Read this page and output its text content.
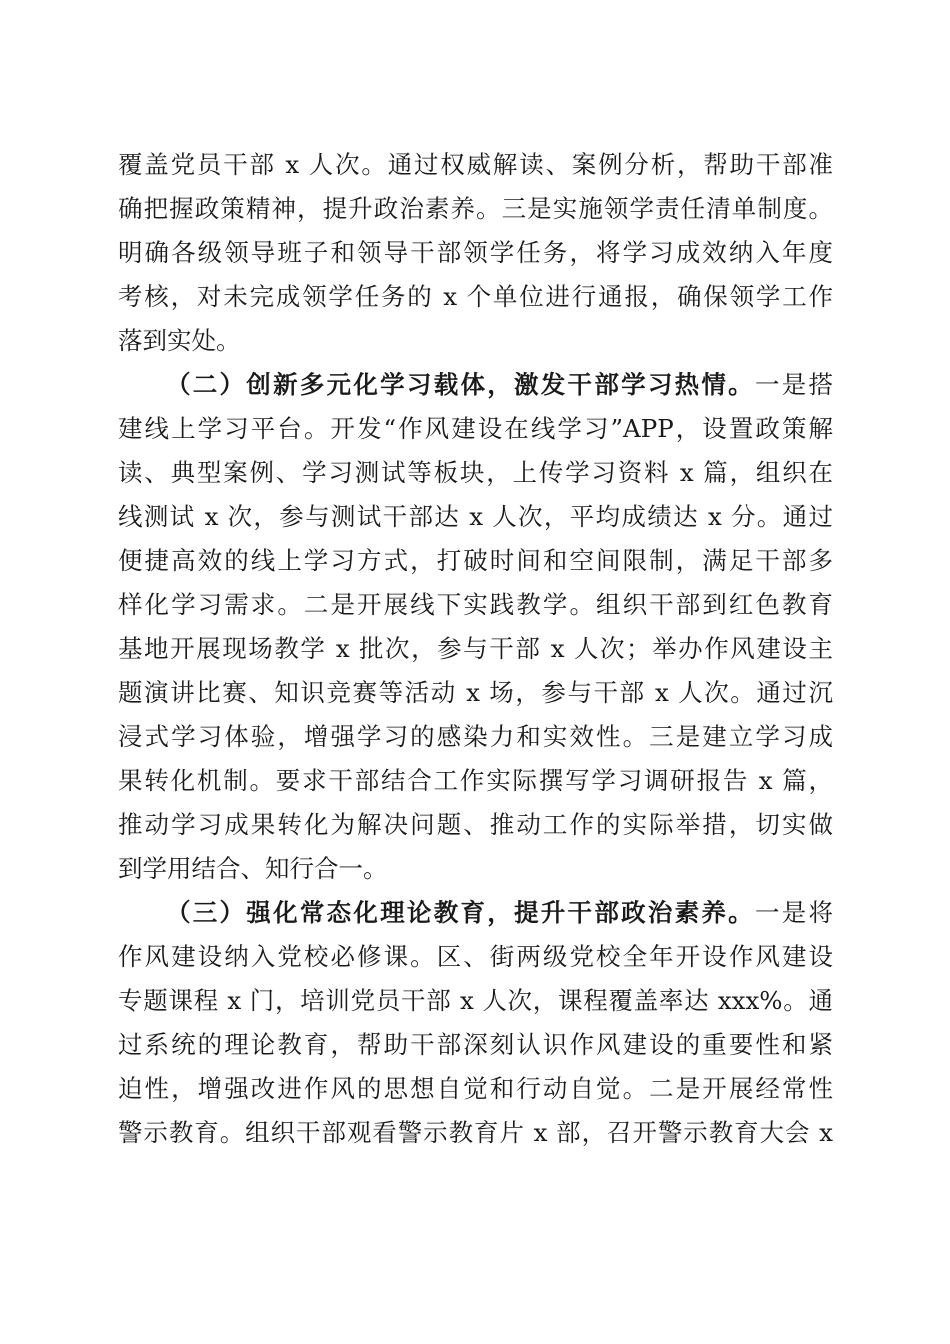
覆盖党员干部 x 人次。通过权威解读、案例分析，帮助干部准
确把握政策精神，提升政治素养。三是实施领学责任清单制度。
明确各级领导班子和领导干部领学任务，将学习成效纳入年度
考核，对未完成领学任务的 x 个单位进行通报，确保领学工作
落到实处。
（二）创新多元化学习载体，激发干部学习热情。一是搭
建线上学习平台。开发“作风建设在线学习”APP，设置政策解
读、典型案例、学习测试等板块，上传学习资料 x 篇，组织在
线测试 x 次，参与测试干部达 x 人次，平均成绩达 x 分。通过
便捷高效的线上学习方式，打破时间和空间限制，满足干部多
样化学习需求。二是开展线下实践教学。组织干部到红色教育
基地开展现场教学 x 批次，参与干部 x 人次；举办作风建设主
题演讲比赛、知识竞赛等活动 x 场，参与干部 x 人次。通过沉
浸式学习体验，增强学习的感染力和实效性。三是建立学习成
果转化机制。要求干部结合工作实际撰写学习调研报告 x 篇，
推动学习成果转化为解决问题、推动工作的实际举措，切实做
到学用结合、知行合一。
（三）强化常态化理论教育，提升干部政治素养。一是将
作风建设纳入党校必修课。区、街两级党校全年开设作风建设
专题课程 x 门，培训党员干部 x 人次，课程覆盖率达 xxx%。通
过系统的理论教育，帮助干部深刻认识作风建设的重要性和紧
迫性，增强改进作风的思想自觉和行动自觉。二是开展经常性
警示教育。组织干部观看警示教育片 x 部，召开警示教育大会 x
